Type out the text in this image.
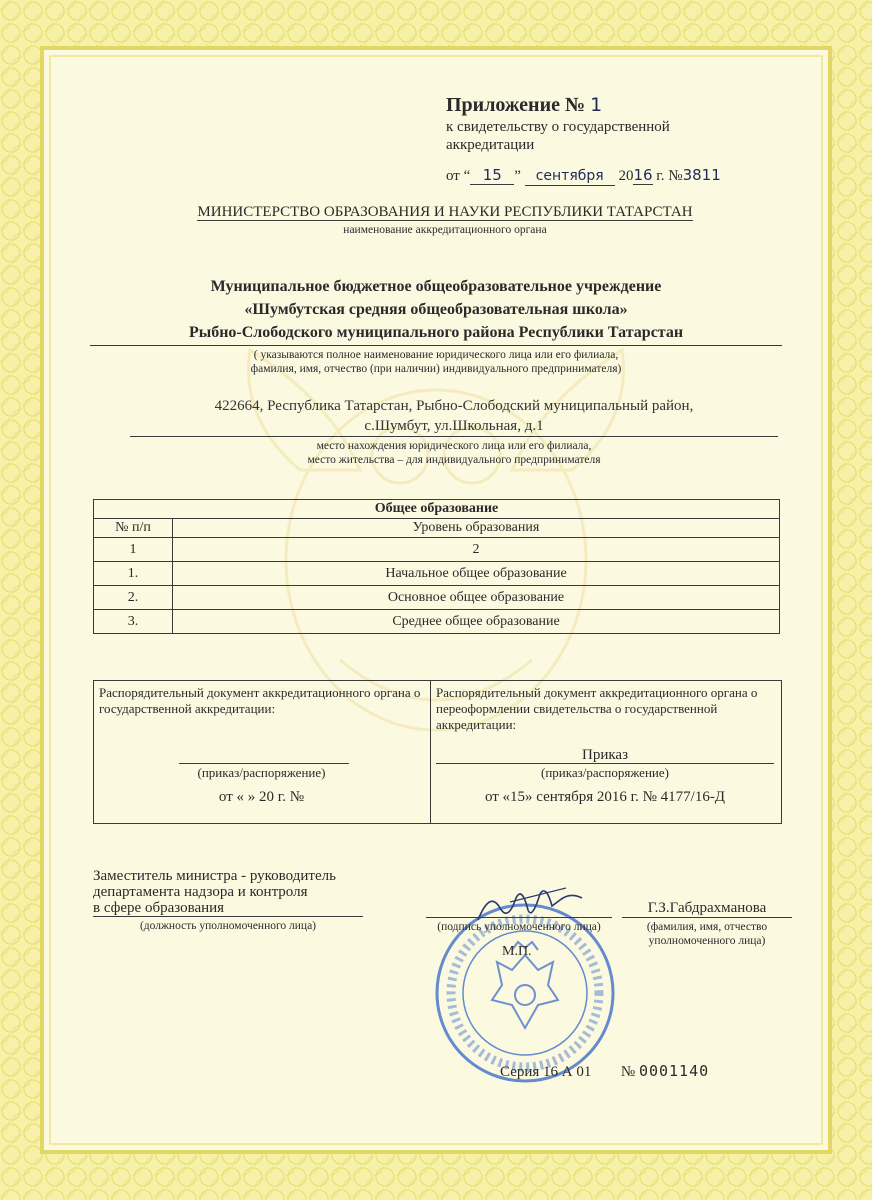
Приложение № 1
к свидетельству о государственной
аккредитации
от “ 15 ” сентября 2016 г. №3811
МИНИСТЕРСТВО ОБРАЗОВАНИЯ И НАУКИ РЕСПУБЛИКИ ТАТАРСТАН
наименование аккредитационного органа
Муниципальное бюджетное общеобразовательное учреждение
«Шумбутская средняя общеобразовательная школа»
Рыбно-Слободского муниципального района Республики Татарстан
( указываются полное наименование юридического лица или его филиала,
фамилия, имя, отчество (при наличии) индивидуального предпринимателя)
422664, Республика Татарстан, Рыбно-Слободский муниципальный район,
с.Шумбут, ул.Школьная, д.1
место нахождения юридического лица или его филиала,
место жительства – для индивидуального предпринимателя
Общее образование	
№ п/п	Уровень образования
1	2
1.	Начальное общее образование
2.	Основное общее образование
3.	Среднее общее образование
Распорядительный документ аккредитационного органа о государственной аккредитации:
(приказ/распоряжение)
от « » 20 г. №
Распорядительный документ аккредитационного органа о переоформлении свидетельства о государственной аккредитации:
Приказ
(приказ/распоряжение)
от «15» сентября 2016 г. № 4177/16-Д
Заместитель министра - руководитель
департамента надзора и контроля
в сфере образования
(должность уполномоченного лица)	(подпись уполномоченного лица)
М.П.
Г.З.Габдрахманова
(фамилия, имя, отчество
уполномоченного лица)
Серия 16 А 01 № 0001140
